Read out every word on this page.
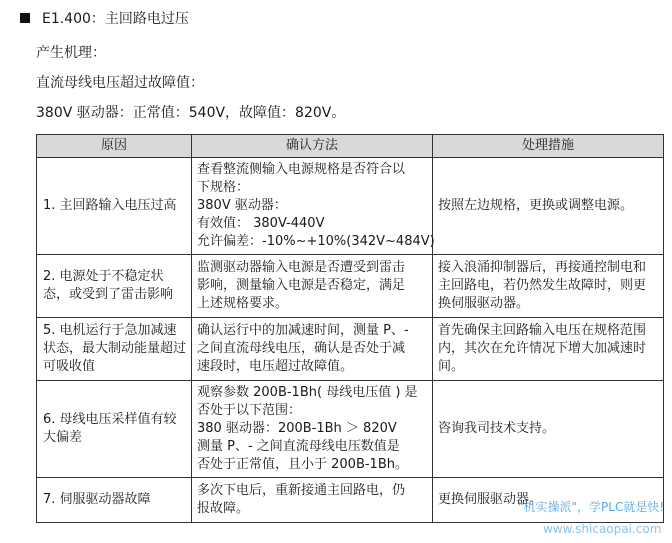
E1.400：主回路电过压
产生机理：
直流母线电压超过故障值：
380V 驱动器：正常值：540V，故障值：820V。
原因	确认方法	处理措施
1. 主回路输入电压过高	查看整流侧输入电源规格是否符合以
下规格：
380V 驱动器：
有效值： 380V-440V
允许偏差：-10%~+10%(342V~484V)	按照左边规格，更换或调整电源。
2. 电源处于不稳定状态，或受到了雷击影响	监测驱动器输入电源是否遭受到雷击
影响，测量输入电源是否稳定，满足
上述规格要求。	接入浪涌抑制器后，再接通控制电和主回路电，若仍然发生故障时，则更换伺服驱动器。
5. 电机运行于急加减速状态，最大制动能量超过可吸收值	确认运行中的加减速时间，测量 P、-
之间直流母线电压，确认是否处于减
速段时，电压超过故障值。	首先确保主回路输入电压在规格范围内，其次在允许情况下增大加减速时间。
6. 母线电压采样值有较大偏差	观察参数 200B-1Bh( 母线电压值 ) 是
否处于以下范围：
380 驱动器：200B-1Bh ＞ 820V
测量 P、- 之间直流母线电压数值是
否处于正常值，且小于 200B-1Bh。	咨询我司技术支持。
7. 伺服驱动器故障	多次下电后，重新接通主回路电，仍
报故障。	更换伺服驱动器。
"机实操派"，学PLC就是快!
www.shicaopai.com
